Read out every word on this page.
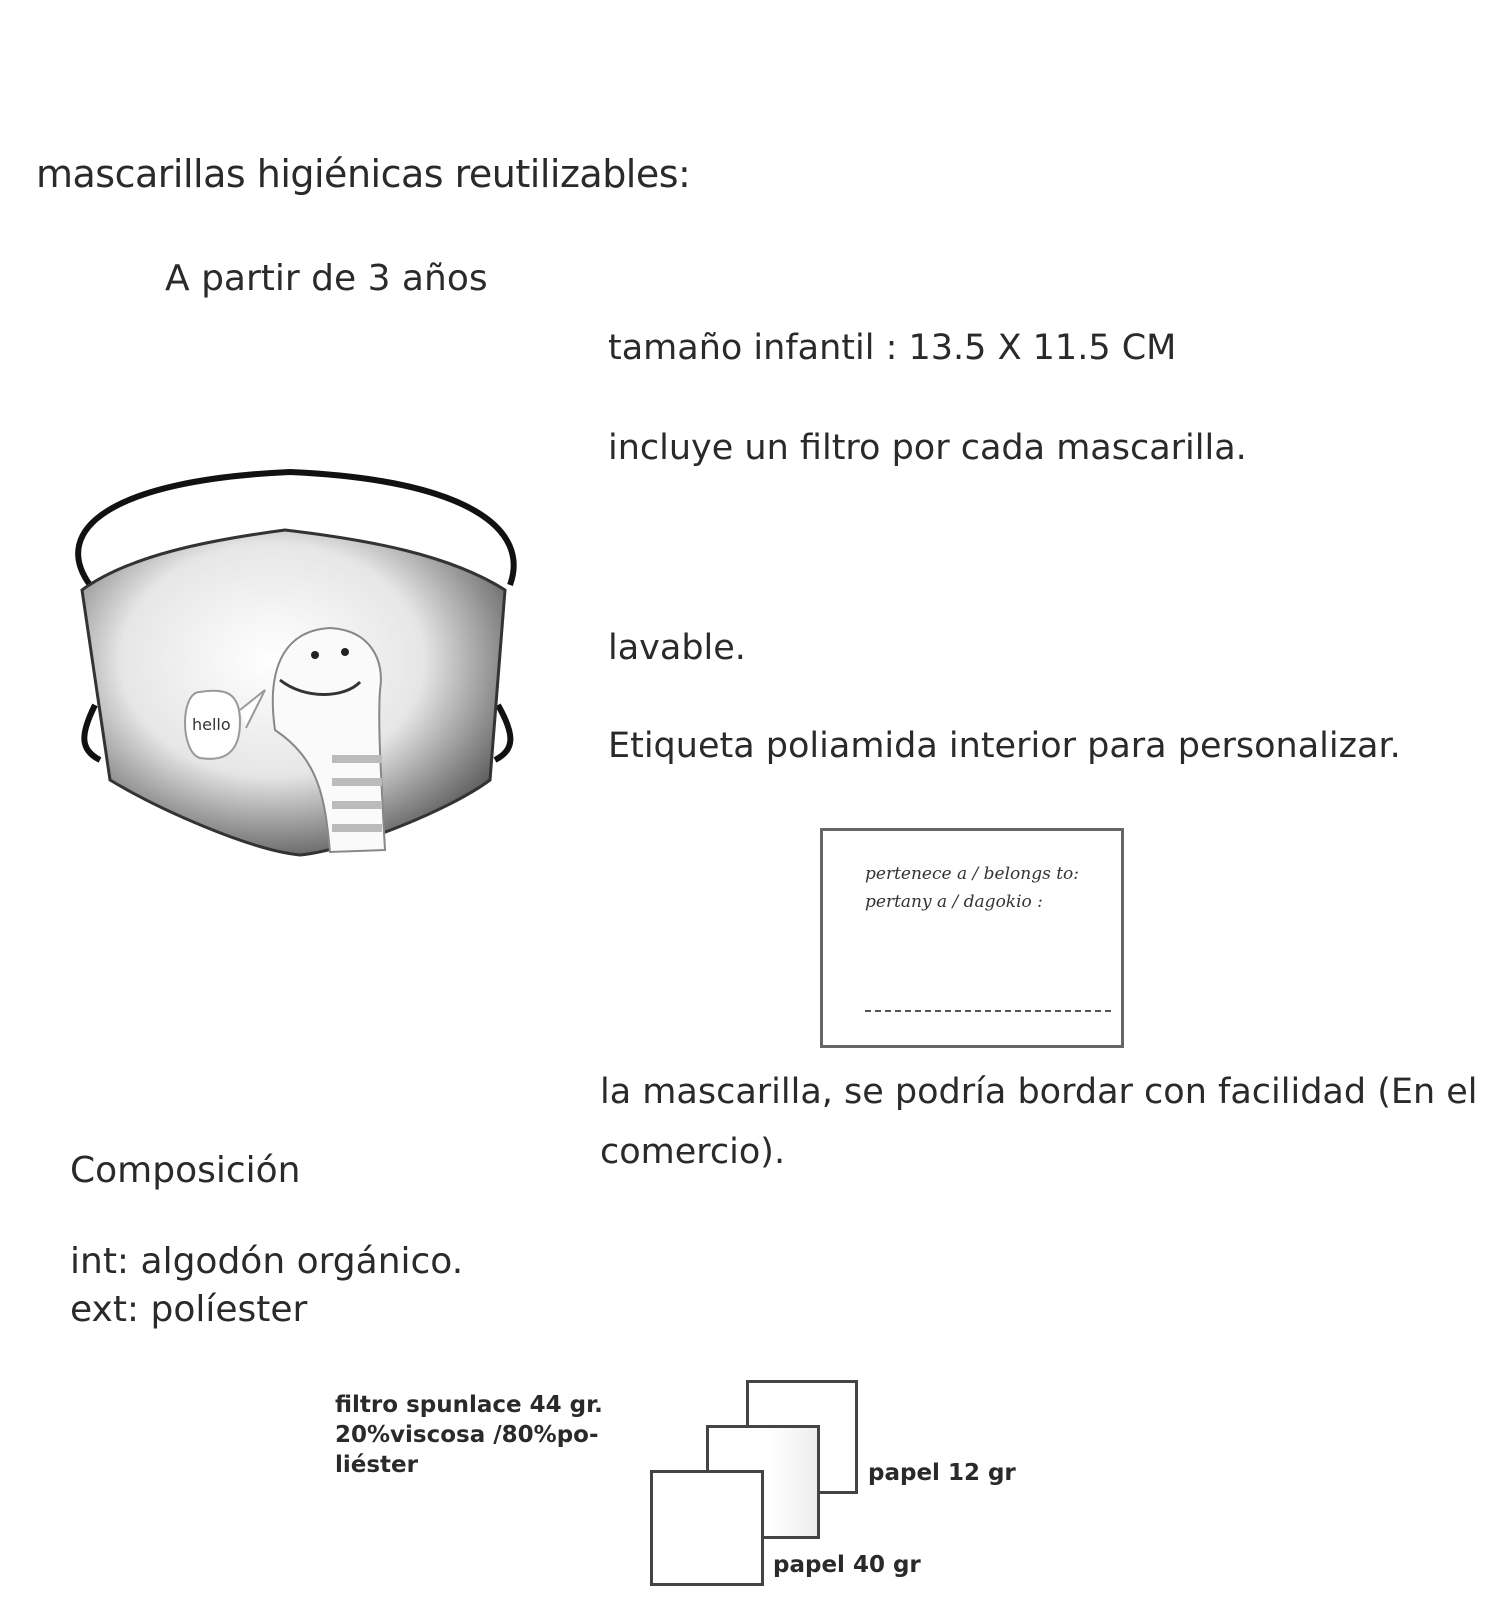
mascarillas higiénicas reutilizables:
A partir de 3 años
tamaño infantil : 13.5 X 11.5 CM
incluye un filtro por cada mascarilla.
hello
lavable.
Etiqueta poliamida interior para personalizar.
pertenece a / belongs to:
pertany a / dagokio :
la mascarilla, se podría bordar con facilidad (En el comercio).
Composición
int: algodón orgánico.
ext: políester
filtro spunlace 44 gr.
20%viscosa /80%po-
liéster	papel 12 gr
papel 40 gr
